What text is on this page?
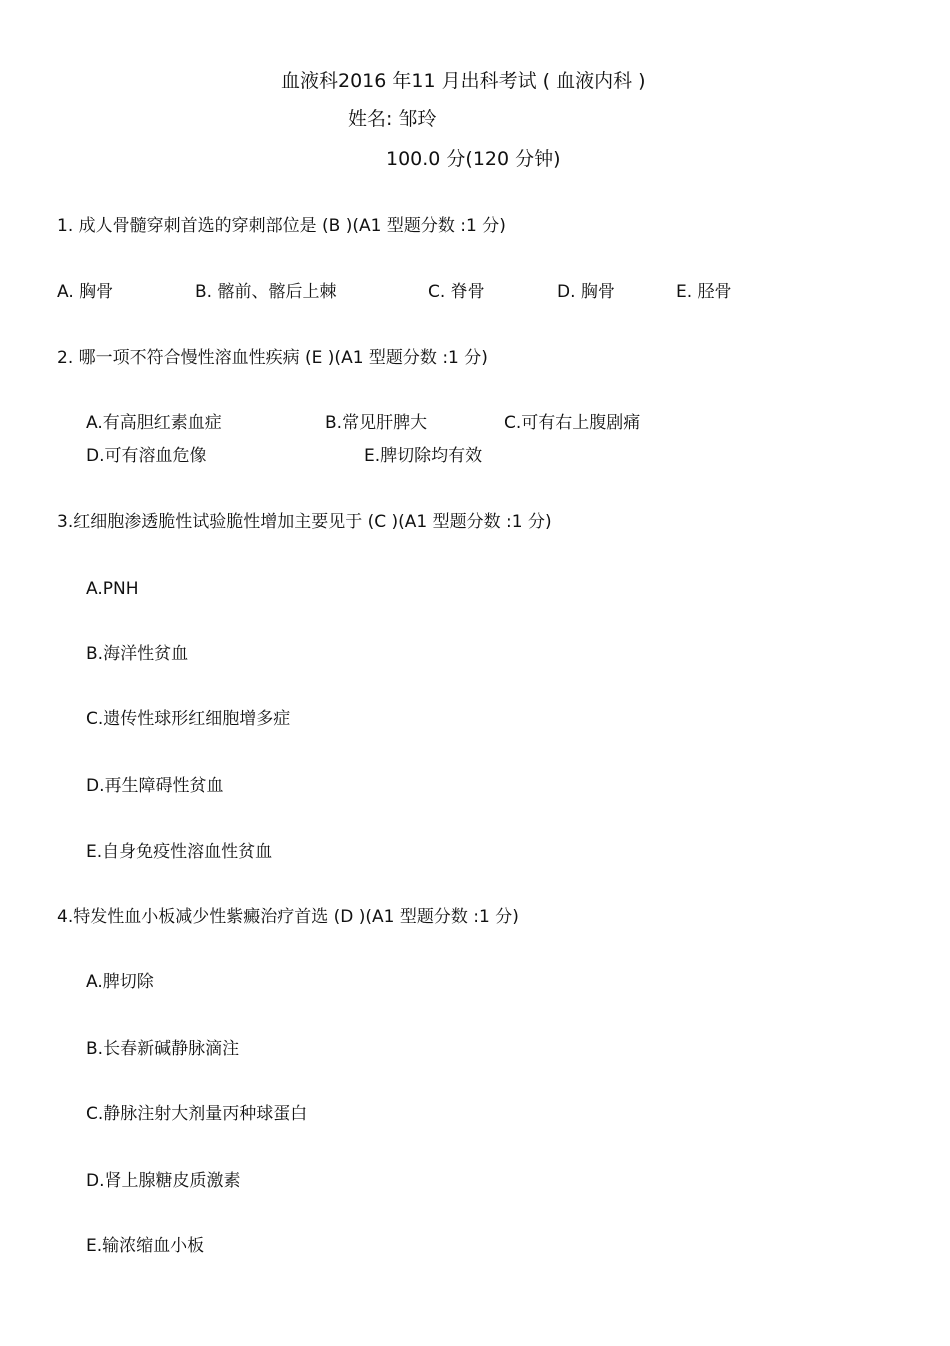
血液科2016 年11 月出科考试 ( 血液内科 )
姓名: 邹玲
100.0 分(120 分钟)
1. 成人骨髓穿刺首选的穿刺部位是 (B )(A1 型题分数 :1 分)
A. 胸骨	B. 髂前、髂后上棘	C. 脊骨	D. 胸骨	E. 胫骨
2. 哪一项不符合慢性溶血性疾病 (E )(A1 型题分数 :1 分)
A.有高胆红素血症	B.常见肝脾大	C.可有右上腹剧痛
D.可有溶血危像	E.脾切除均有效
3.红细胞渗透脆性试验脆性增加主要见于 (C )(A1 型题分数 :1 分)
A.PNH
B.海洋性贫血
C.遗传性球形红细胞增多症
D.再生障碍性贫血
E.自身免疫性溶血性贫血
4.特发性血小板减少性紫癜治疗首选 (D )(A1 型题分数 :1 分)
A.脾切除
B.长春新碱静脉滴注
C.静脉注射大剂量丙种球蛋白
D.肾上腺糖皮质激素
E.输浓缩血小板
